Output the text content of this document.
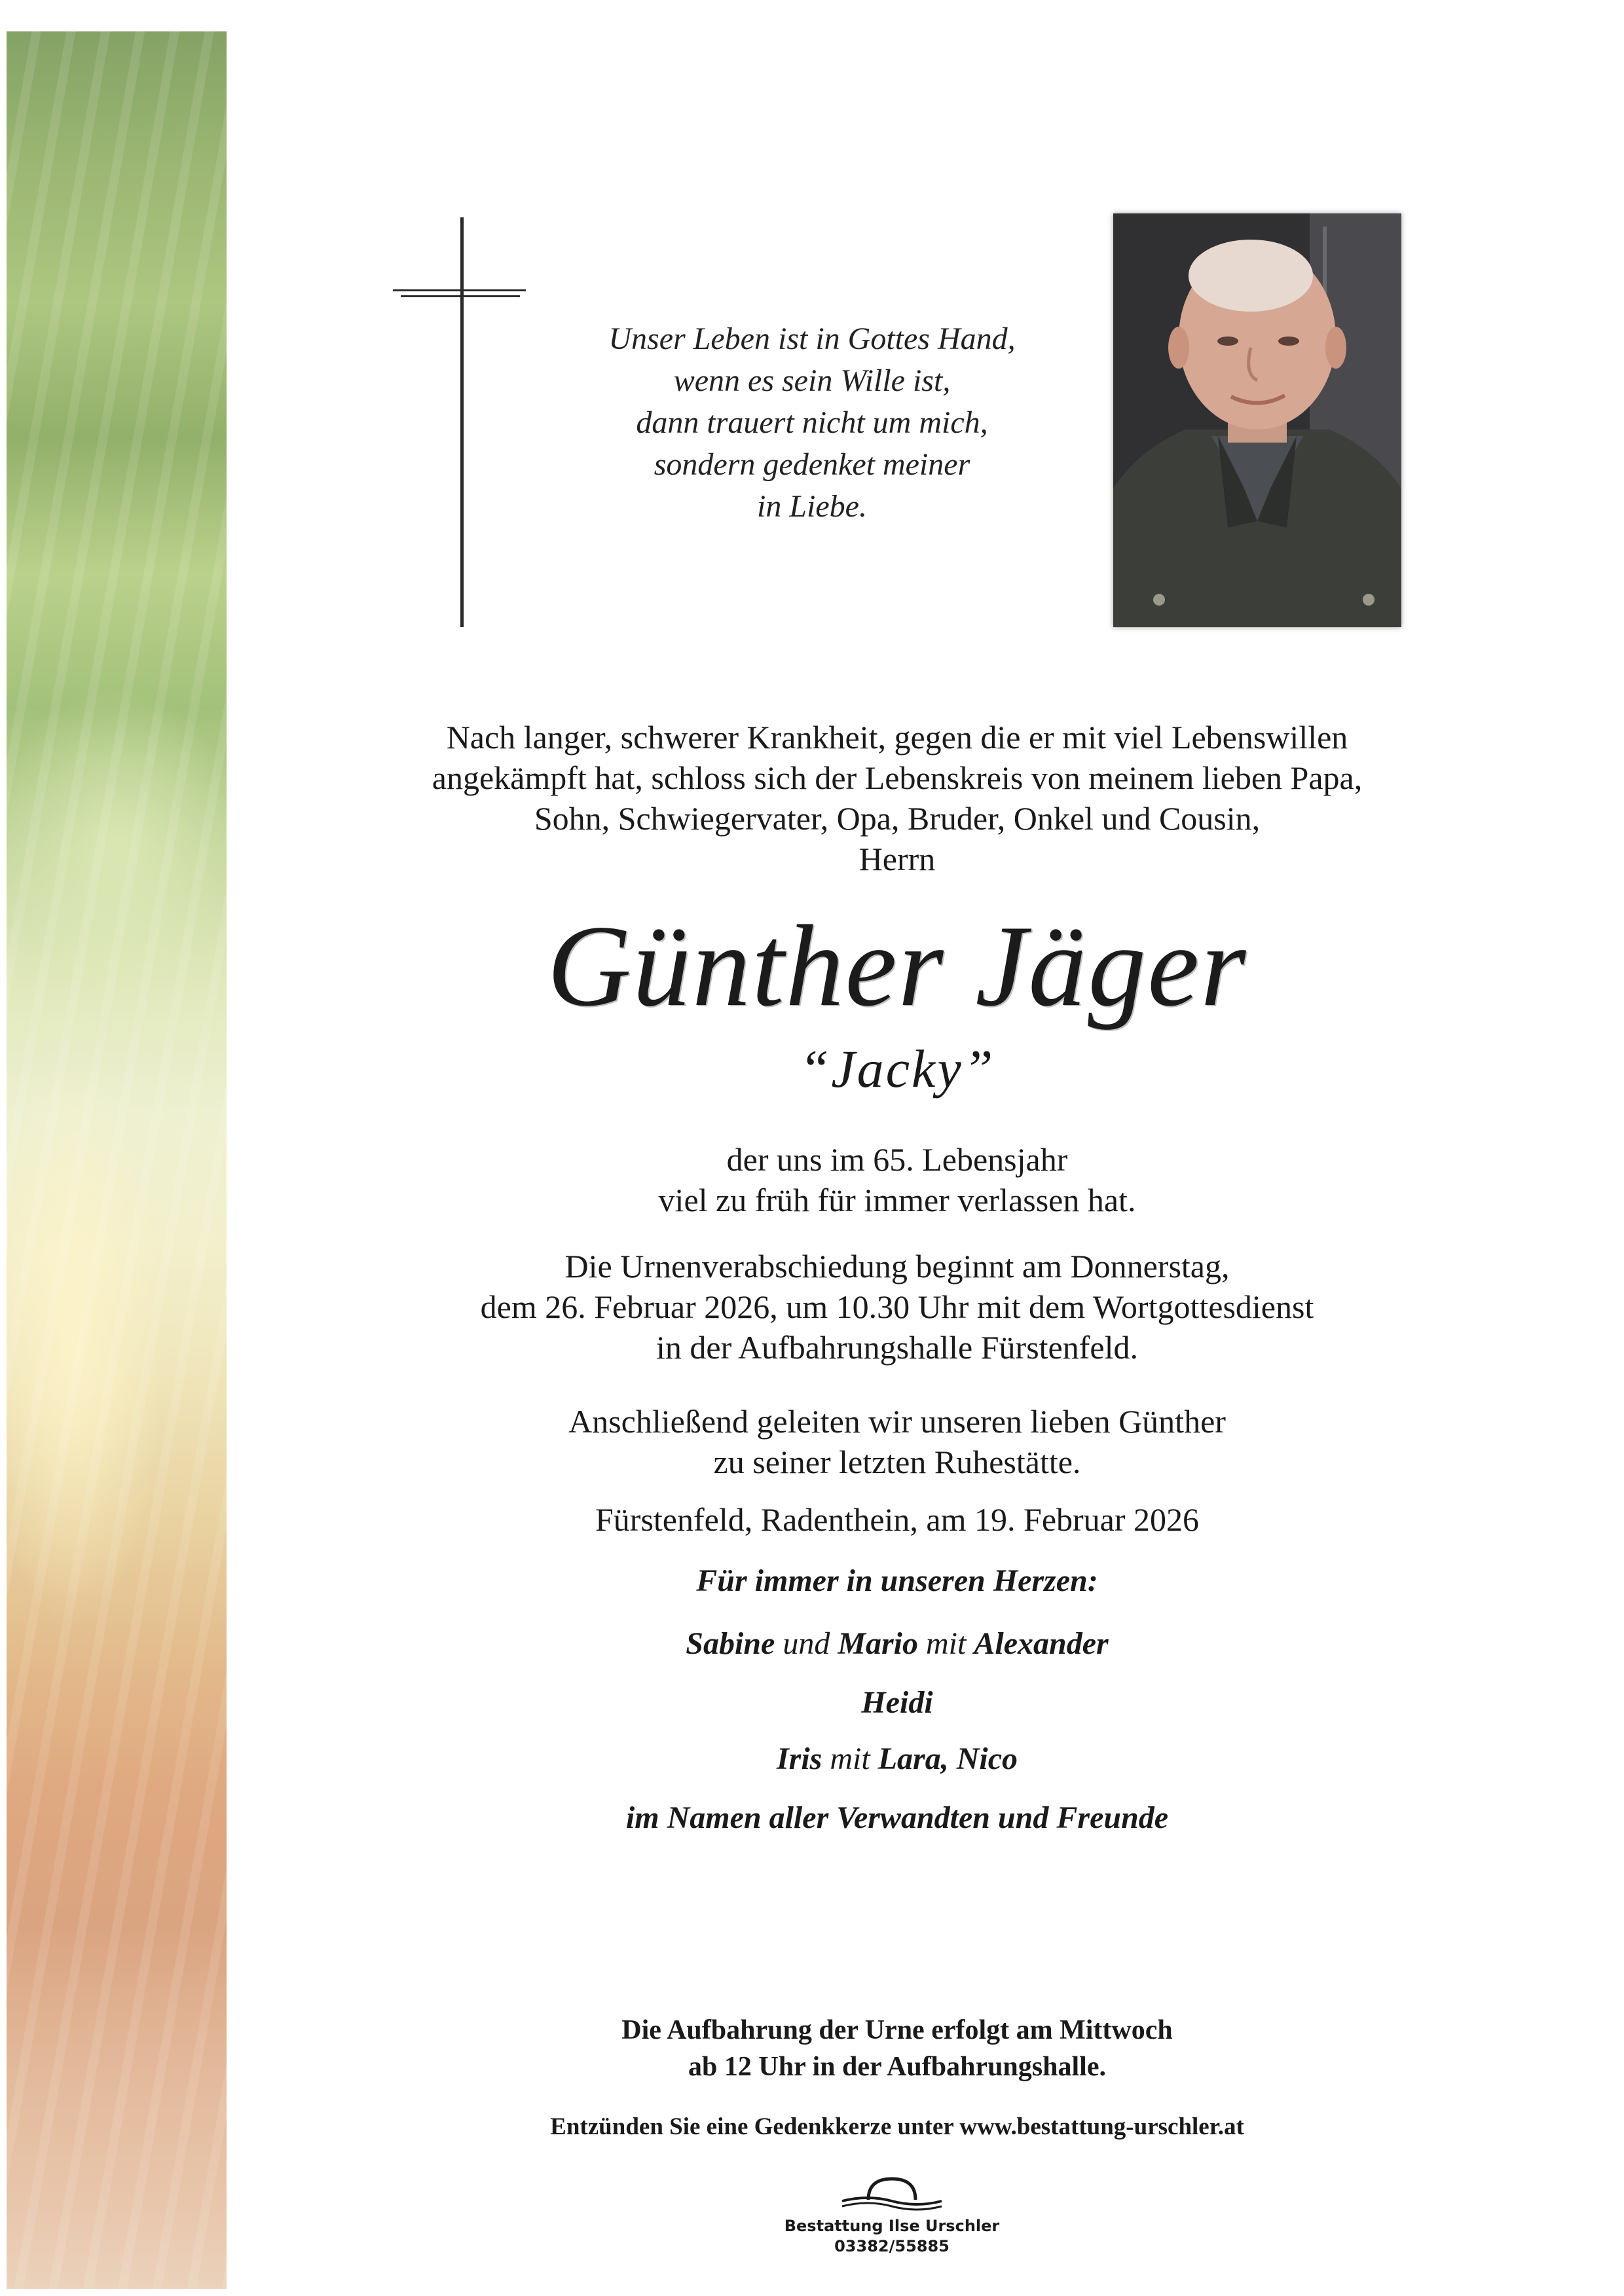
Unser Leben ist in Gottes Hand,
wenn es sein Wille ist,
dann trauert nicht um mich,
sondern gedenket meiner
in Liebe.
Nach langer, schwerer Krankheit, gegen die er mit viel Lebenswillen
angekämpft hat, schloss sich der Lebenskreis von meinem lieben Papa,
Sohn, Schwiegervater, Opa, Bruder, Onkel und Cousin,
Herrn
Günther Jäger
“Jacky”
der uns im 65. Lebensjahr
viel zu früh für immer verlassen hat.
Die Urnenverabschiedung beginnt am Donnerstag,
dem 26. Februar 2026, um 10.30 Uhr mit dem Wortgottesdienst
in der Aufbahrungshalle Fürstenfeld.
Anschließend geleiten wir unseren lieben Günther
zu seiner letzten Ruhestätte.
Fürstenfeld, Radenthein, am 19. Februar 2026
Für immer in unseren Herzen:
Sabine und Mario mit Alexander
Heidi
Iris mit Lara, Nico
im Namen aller Verwandten und Freunde
Die Aufbahrung der Urne erfolgt am Mittwoch
ab 12 Uhr in der Aufbahrungshalle.
Entzünden Sie eine Gedenkkerze unter www.bestattung-urschler.at
Bestattung Ilse Urschler
03382/55885
